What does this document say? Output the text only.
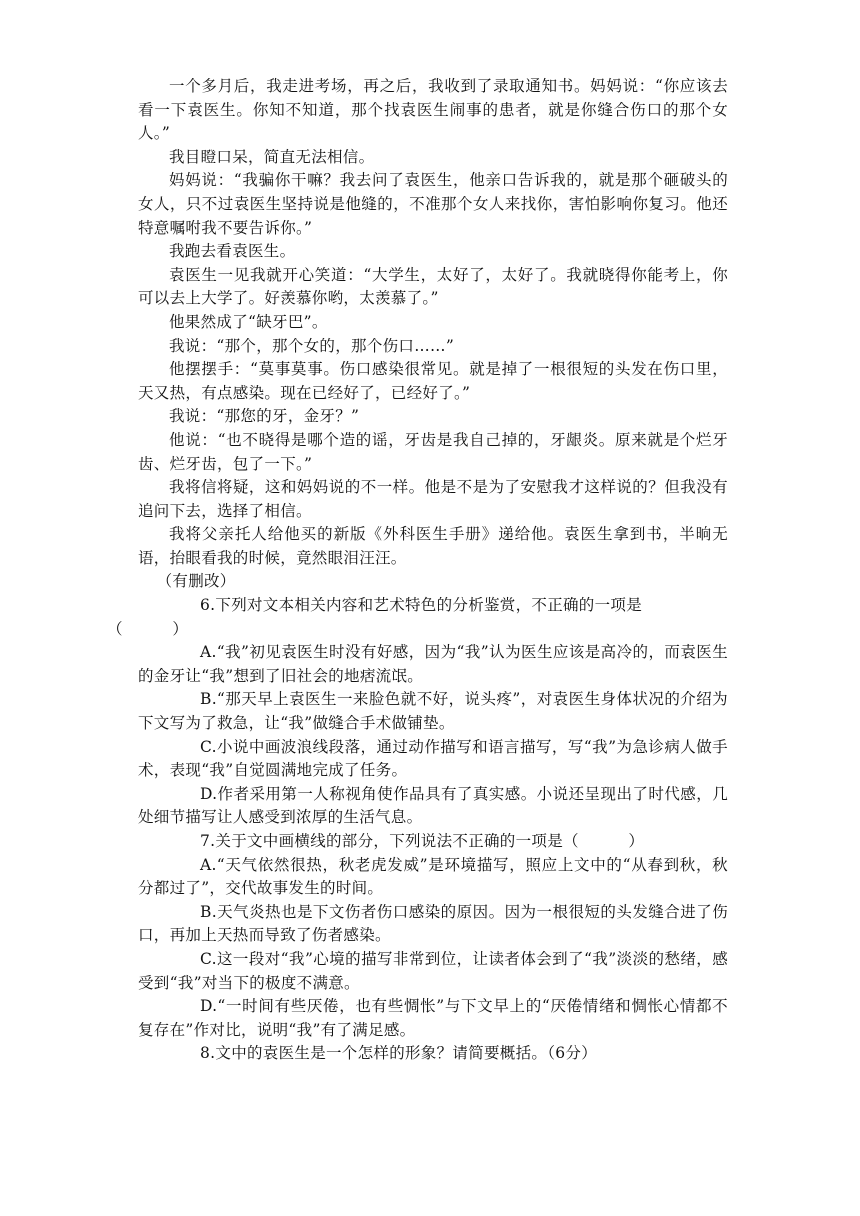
一个多月后，我走进考场，再之后，我收到了录取通知书。妈妈说：“你应该去看一下袁医生。你知不知道，那个找袁医生闹事的患者，就是你缝合伤口的那个女人。”

我目瞪口呆，简直无法相信。

妈妈说：“我骗你干嘛？我去问了袁医生，他亲口告诉我的，就是那个砸破头的女人，只不过袁医生坚持说是他缝的，不准那个女人来找你，害怕影响你复习。他还特意嘱咐我不要告诉你。”

我跑去看袁医生。

袁医生一见我就开心笑道：“大学生，太好了，太好了。我就晓得你能考上，你可以去上大学了。好羡慕你哟，太羡慕了。”

他果然成了“缺牙巴”。

我说：“那个，那个女的，那个伤口……”

他摆摆手：“莫事莫事。伤口感染很常见。就是掉了一根很短的头发在伤口里，天又热，有点感染。现在已经好了，已经好了。”

我说：“那您的牙，金牙？”

他说：“也不晓得是哪个造的谣，牙齿是我自己掉的，牙龈炎。原来就是个烂牙齿、烂牙齿，包了一下。”

我将信将疑，这和妈妈说的不一样。他是不是为了安慰我才这样说的？但我没有追问下去，选择了相信。

我将父亲托人给他买的新版《外科医生手册》递给他。袁医生拿到书，半晌无语，抬眼看我的时候，竟然眼泪汪汪。

（有删改）

6.下列对文本相关内容和艺术特色的分析鉴赏，不正确的一项是
（	）

A.“我”初见袁医生时没有好感，因为“我”认为医生应该是高冷的，而袁医生的金牙让“我”想到了旧社会的地痞流氓。

B.“那天早上袁医生一来脸色就不好，说头疼”，对袁医生身体状况的介绍为下文写为了救急，让“我”做缝合手术做铺垫。

C.小说中画波浪线段落，通过动作描写和语言描写，写“我”为急诊病人做手术，表现“我”自觉圆满地完成了任务。

D.作者采用第一人称视角使作品具有了真实感。小说还呈现出了时代感，几处细节描写让人感受到浓厚的生活气息。

7.关于文中画横线的部分，下列说法不正确的一项是（	）

A.“天气依然很热，秋老虎发威”是环境描写，照应上文中的“从春到秋，秋分都过了”，交代故事发生的时间。

B.天气炎热也是下文伤者伤口感染的原因。因为一根很短的头发缝合进了伤口，再加上天热而导致了伤者感染。

C.这一段对“我”心境的描写非常到位，让读者体会到了“我”淡淡的愁绪，感受到“我”对当下的极度不满意。

D.“一时间有些厌倦，也有些惆怅”与下文早上的“厌倦情绪和惆怅心情都不复存在”作对比，说明“我”有了满足感。

8.文中的袁医生是一个怎样的形象？请简要概括。（6分）
